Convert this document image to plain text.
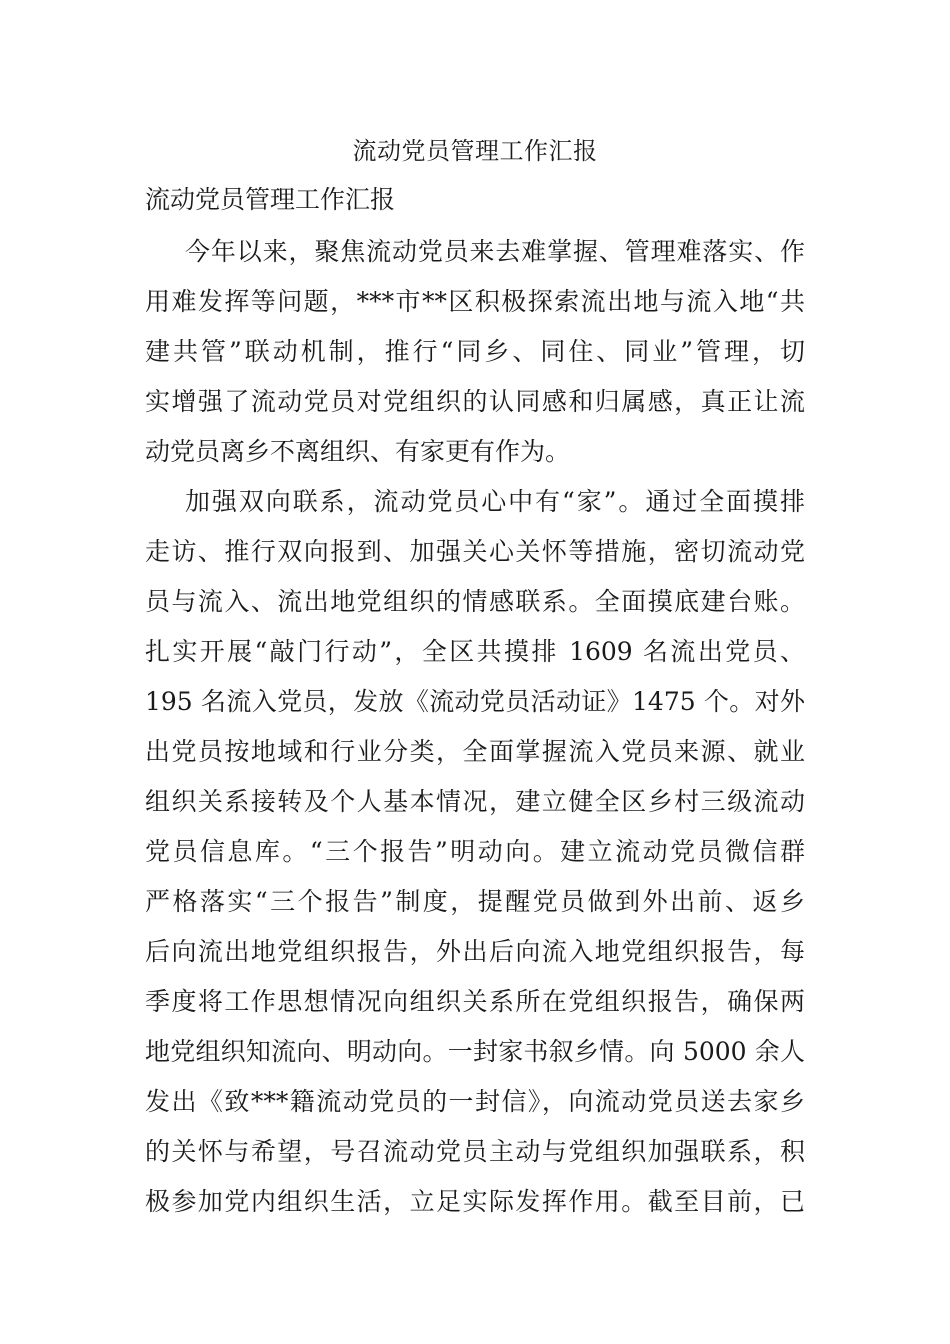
流动党员管理工作汇报
流动党员管理工作汇报
今年以来，聚焦流动党员来去难掌握、管理难落实、作
用难发挥等问题，***市**区积极探索流出地与流入地“共
建共管”联动机制，推行“同乡、同住、同业”管理，切
实增强了流动党员对党组织的认同感和归属感，真正让流
动党员离乡不离组织、有家更有作为。
加强双向联系，流动党员心中有“家”。通过全面摸排
走访、推行双向报到、加强关心关怀等措施，密切流动党
员与流入、流出地党组织的情感联系。全面摸底建台账。
扎实开展“敲门行动”，全区共摸排 1609 名流出党员、
195 名流入党员，发放《流动党员活动证》1475 个。对外
出党员按地域和行业分类，全面掌握流入党员来源、就业
组织关系接转及个人基本情况，建立健全区乡村三级流动
党员信息库。“三个报告”明动向。建立流动党员微信群
严格落实“三个报告”制度，提醒党员做到外出前、返乡
后向流出地党组织报告，外出后向流入地党组织报告，每
季度将工作思想情况向组织关系所在党组织报告，确保两
地党组织知流向、明动向。一封家书叙乡情。向 5000 余人
发出《致***籍流动党员的一封信》，向流动党员送去家乡
的关怀与希望，号召流动党员主动与党组织加强联系，积
极参加党内组织生活，立足实际发挥作用。截至目前，已
